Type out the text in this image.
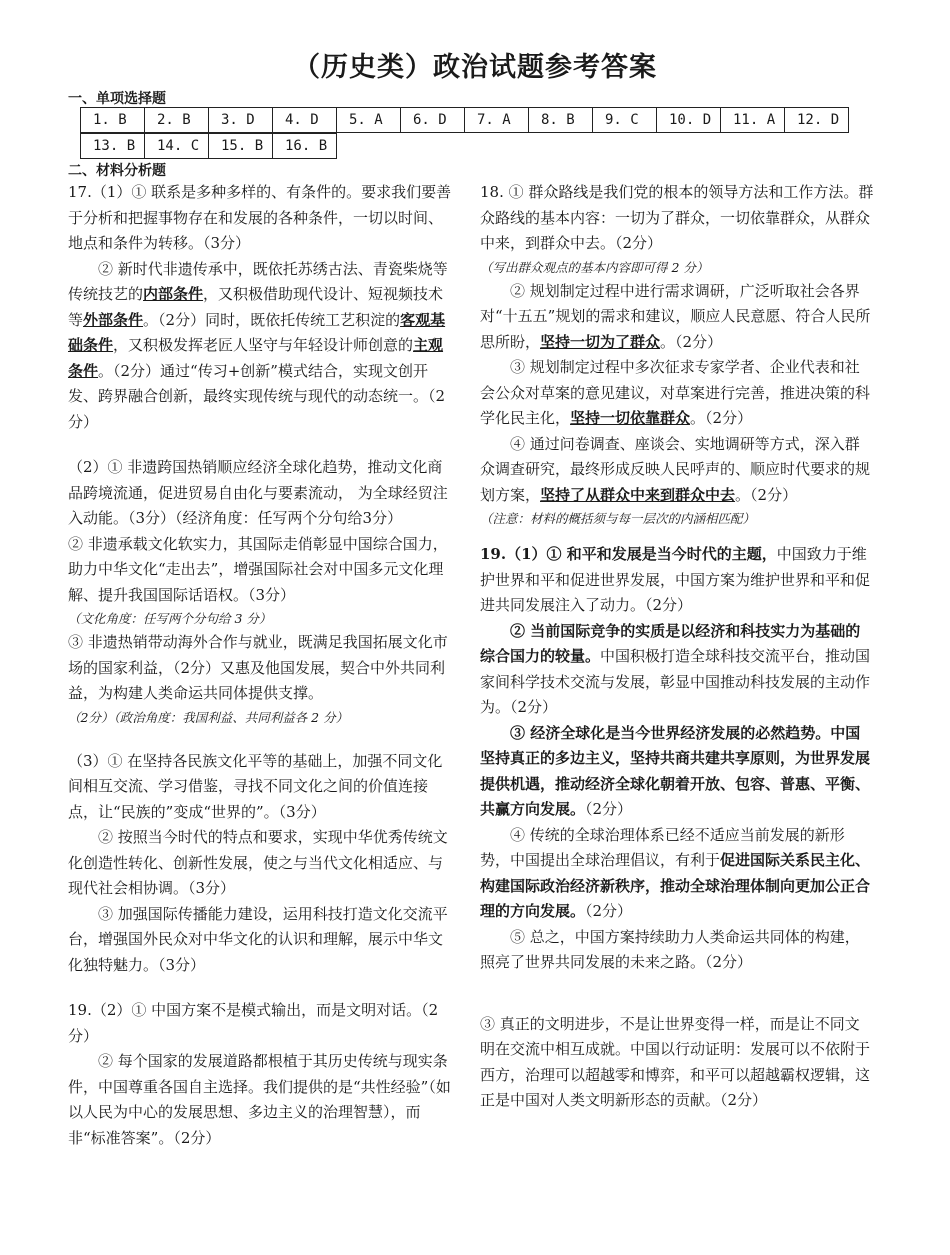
（历史类）政治试题参考答案
一、单项选择题
1. B	2. B	3. D	4. D	5. A	6. D	7. A	8. B	9. C	10. D	11. A	12. D
13. B	14. C	15. B	16. B
二、材料分析题

17.（1）① 联系是多种多样的、有条件的。要求我们要善于分析和把握事物存在和发展的各种条件，一切以时间、地点和条件为转移。（3分）

② 新时代非遗传承中，既依托苏绣古法、青瓷柴烧等传统技艺的内部条件，又积极借助现代设计、短视频技术等外部条件。（2分）同时，既依托传统工艺积淀的客观基础条件，又积极发挥老匠人坚守与年轻设计师创意的主观条件。（2分）通过“传习+创新”模式结合，实现文创开发、跨界融合创新，最终实现传统与现代的动态统一。（2分）

（2）① 非遗跨国热销顺应经济全球化趋势，推动文化商品跨境流通，促进贸易自由化与要素流动， 为全球经贸注入动能。（3分）（经济角度：任写两个分句给3分）

② 非遗承载文化软实力，其国际走俏彰显中国综合国力，助力中华文化“走出去”，增强国际社会对中国多元文化理解、提升我国国际话语权。（3分）

（文化角度：任写两个分句给 3 分）

③ 非遗热销带动海外合作与就业，既满足我国拓展文化市场的国家利益，（2分）又惠及他国发展，契合中外共同利益，为构建人类命运共同体提供支撑。

（2分）（政治角度：我国利益、共同利益各 2 分）

（3）① 在坚持各民族文化平等的基础上，加强不同文化间相互交流、学习借鉴，寻找不同文化之间的价值连接点，让“民族的”变成“世界的”。（3分）

② 按照当今时代的特点和要求，实现中华优秀传统文化创造性转化、创新性发展，使之与当代文化相适应、与现代社会相协调。（3分）

③ 加强国际传播能力建设，运用科技打造文化交流平台，增强国外民众对中华文化的认识和理解，展示中华文化独特魅力。（3分）

19.（2）① 中国方案不是模式输出，而是文明对话。（2分）

② 每个国家的发展道路都根植于其历史传统与现实条件，中国尊重各国自主选择。我们提供的是“共性经验”（如以人民为中心的发展思想、多边主义的治理智慧），而非“标准答案”。（2分）

18. ① 群众路线是我们党的根本的领导方法和工作方法。群众路线的基本内容：一切为了群众，一切依靠群众，从群众中来，到群众中去。（2分）

（写出群众观点的基本内容即可得 2 分）

② 规划制定过程中进行需求调研，广泛听取社会各界对“十五五”规划的需求和建议，顺应人民意愿、符合人民所思所盼，坚持一切为了群众。（2分）

③ 规划制定过程中多次征求专家学者、企业代表和社会公众对草案的意见建议，对草案进行完善，推进决策的科学化民主化，坚持一切依靠群众。（2分）

④ 通过问卷调查、座谈会、实地调研等方式，深入群众调查研究，最终形成反映人民呼声的、顺应时代要求的规划方案，坚持了从群众中来到群众中去。（2分）

（注意：材料的概括须与每一层次的内涵相匹配）

19.（1）① 和平和发展是当今时代的主题，中国致力于维护世界和平和促进世界发展，中国方案为维护世界和平和促进共同发展注入了动力。（2分）

② 当前国际竞争的实质是以经济和科技实力为基础的综合国力的较量。中国积极打造全球科技交流平台，推动国家间科学技术交流与发展，彰显中国推动科技发展的主动作为。（2分）

③ 经济全球化是当今世界经济发展的必然趋势。中国坚持真正的多边主义，坚持共商共建共享原则，为世界发展提供机遇，推动经济全球化朝着开放、包容、普惠、平衡、共赢方向发展。（2分）

④ 传统的全球治理体系已经不适应当前发展的新形势，中国提出全球治理倡议，有利于促进国际关系民主化、构建国际政治经济新秩序，推动全球治理体制向更加公正合理的方向发展。（2分）

⑤ 总之，中国方案持续助力人类命运共同体的构建，照亮了世界共同发展的未来之路。（2分）

③ 真正的文明进步，不是让世界变得一样，而是让不同文明在交流中相互成就。中国以行动证明：发展可以不依附于西方，治理可以超越零和博弈，和平可以超越霸权逻辑，这正是中国对人类文明新形态的贡献。（2分）
